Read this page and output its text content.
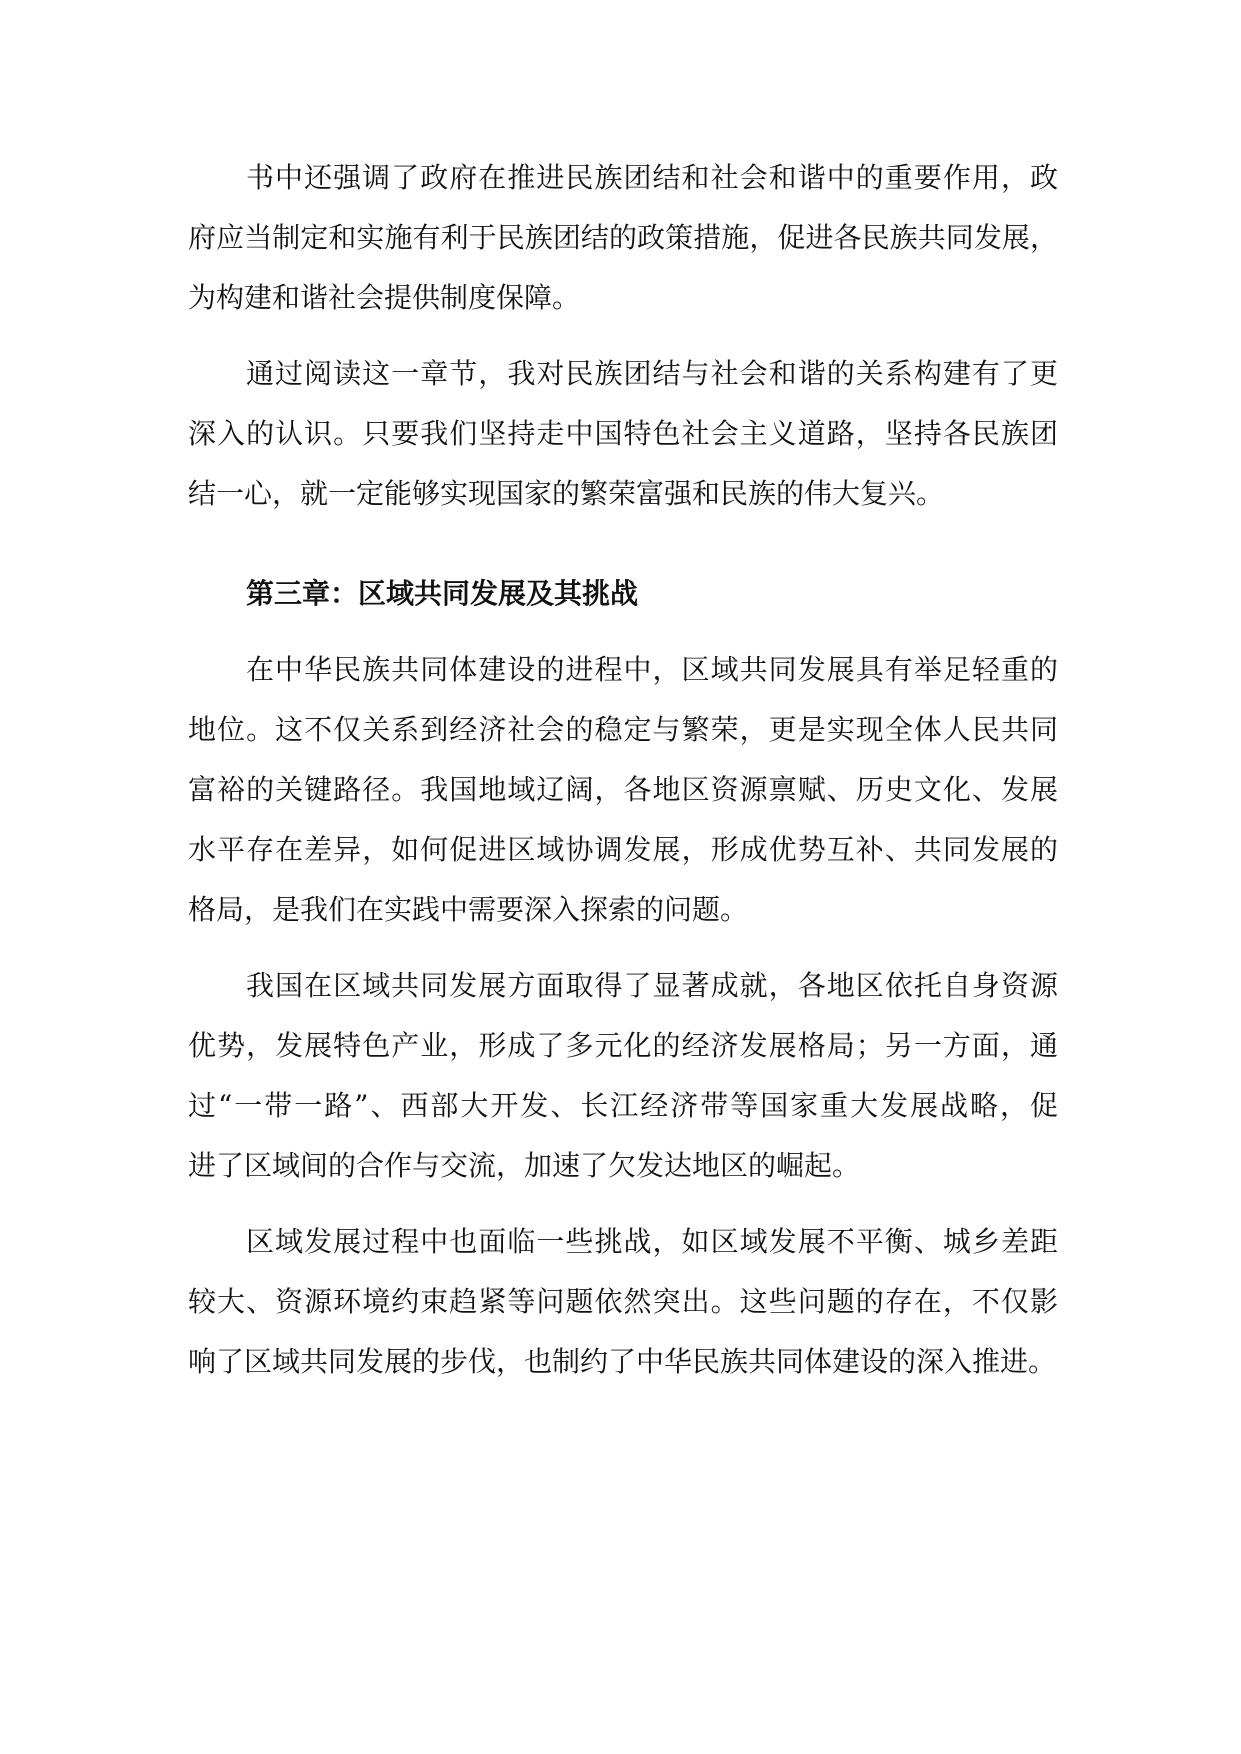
书中还强调了政府在推进民族团结和社会和谐中的重要作用，政
府应当制定和实施有利于民族团结的政策措施，促进各民族共同发展，
为构建和谐社会提供制度保障。
通过阅读这一章节，我对民族团结与社会和谐的关系构建有了更
深入的认识。只要我们坚持走中国特色社会主义道路，坚持各民族团
结一心，就一定能够实现国家的繁荣富强和民族的伟大复兴。
第三章：区域共同发展及其挑战
在中华民族共同体建设的进程中，区域共同发展具有举足轻重的
地位。这不仅关系到经济社会的稳定与繁荣，更是实现全体人民共同
富裕的关键路径。我国地域辽阔，各地区资源禀赋、历史文化、发展
水平存在差异，如何促进区域协调发展，形成优势互补、共同发展的
格局，是我们在实践中需要深入探索的问题。
我国在区域共同发展方面取得了显著成就，各地区依托自身资源
优势，发展特色产业，形成了多元化的经济发展格局；另一方面，通
过“一带一路”、西部大开发、长江经济带等国家重大发展战略，促
进了区域间的合作与交流，加速了欠发达地区的崛起。
区域发展过程中也面临一些挑战，如区域发展不平衡、城乡差距
较大、资源环境约束趋紧等问题依然突出。这些问题的存在，不仅影
响了区域共同发展的步伐，也制约了中华民族共同体建设的深入推进。
